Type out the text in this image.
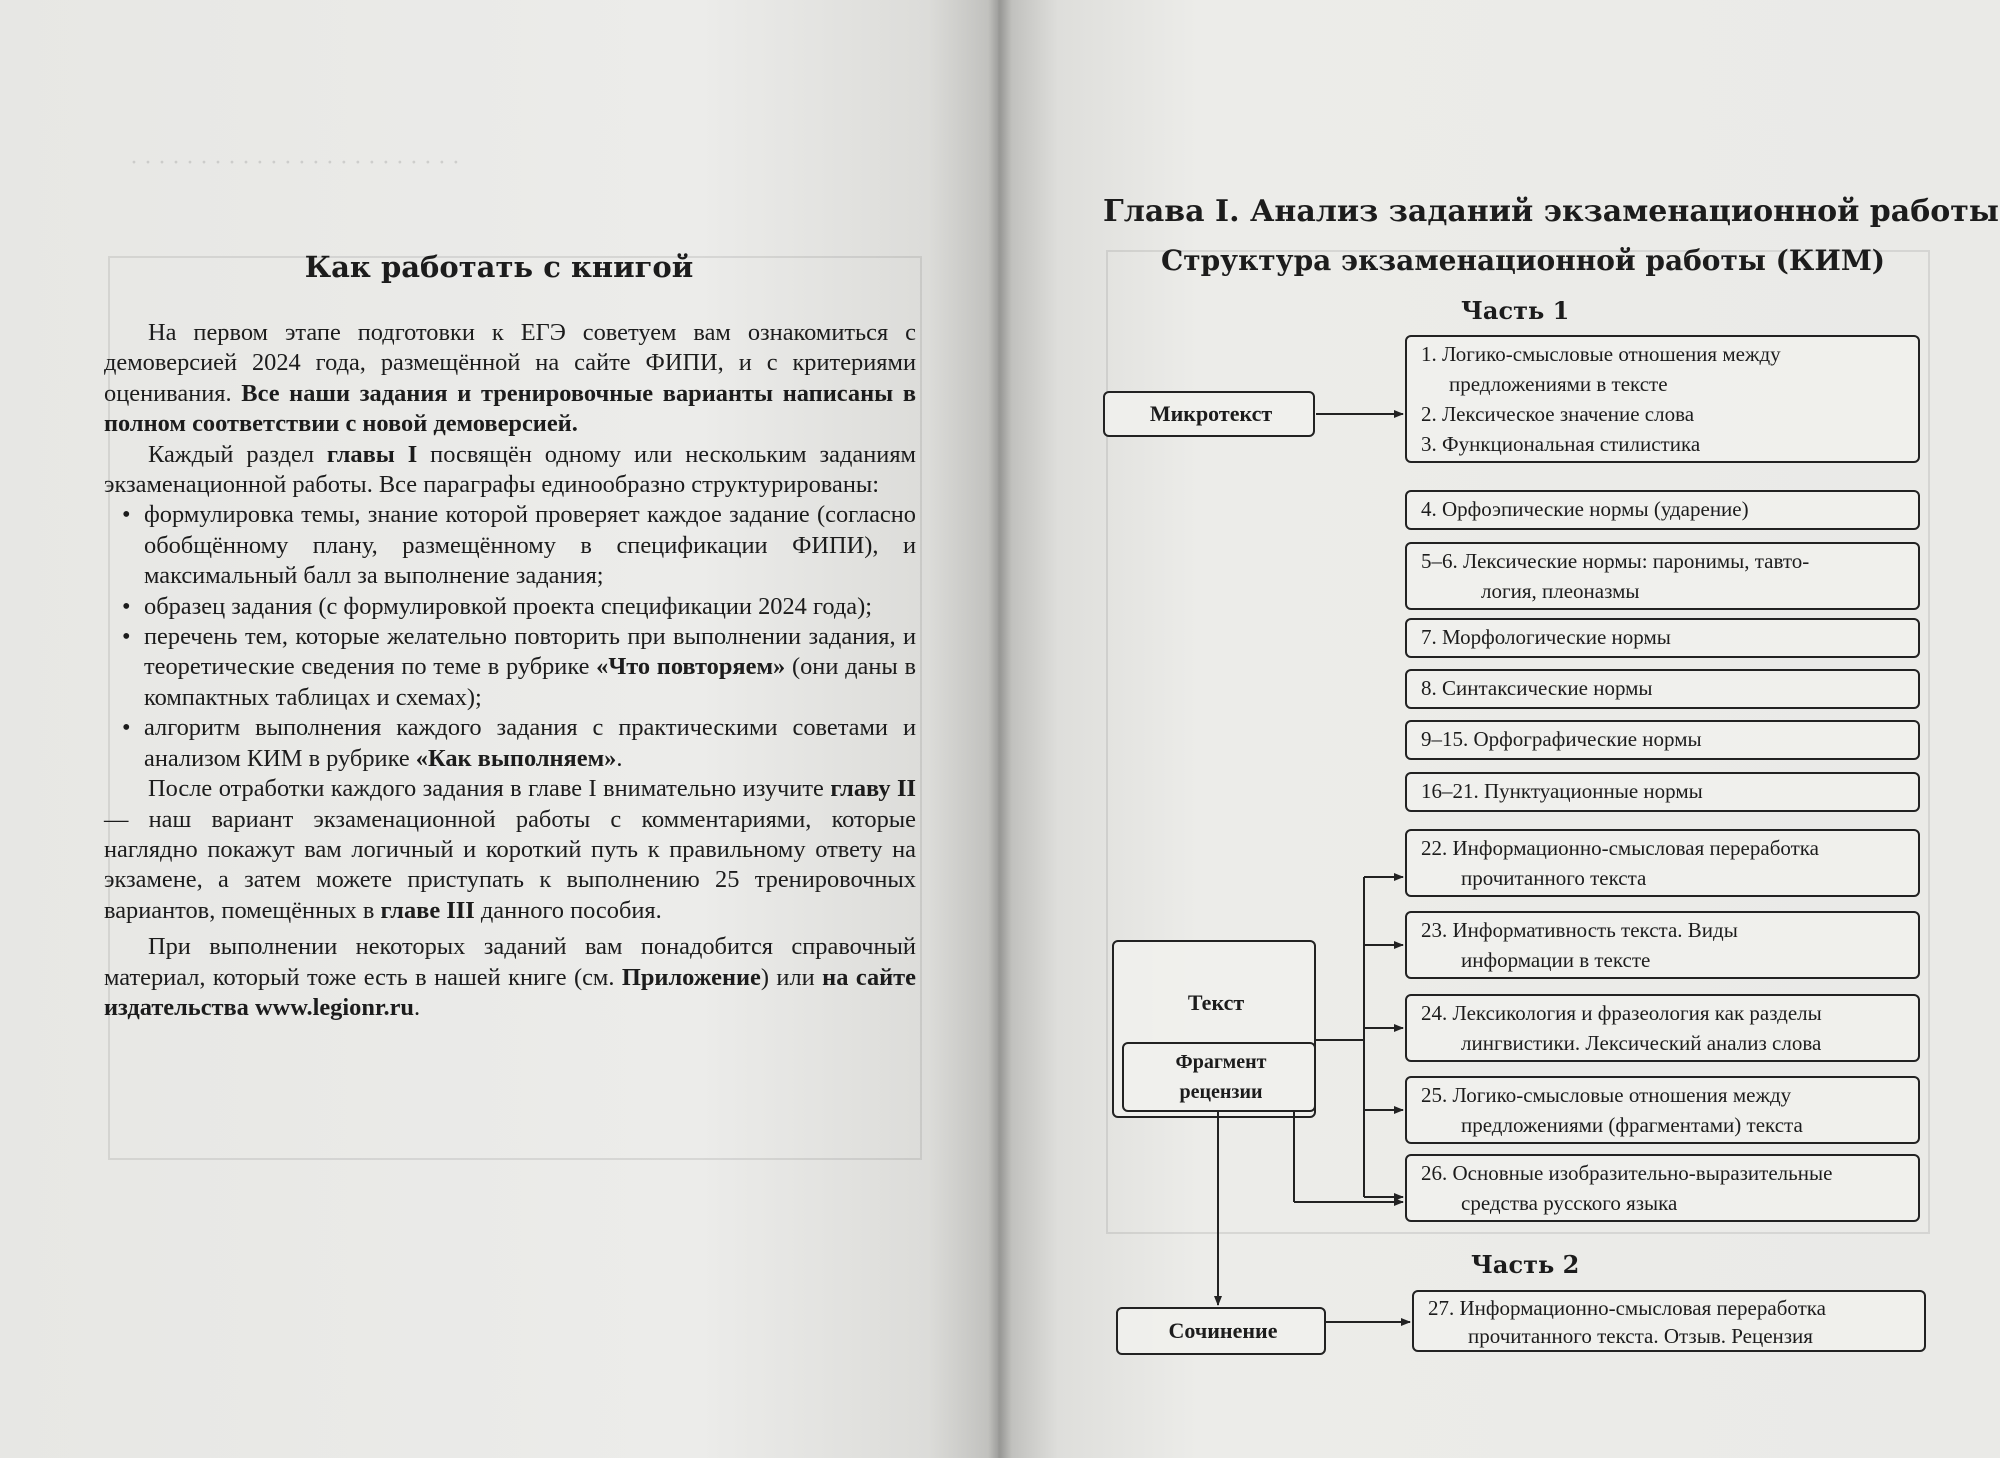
· · · · · · · · · · · · · · · · · · · · · · · ·
Как работать с книгой

На первом этапе подготовки к ЕГЭ советуем вам ознакомиться с демоверсией 2024 года, размещённой на сайте ФИПИ, и с критериями оценивания. Все наши задания и тренировочные варианты написаны в полном соответствии с новой демоверсией.

Каждый раздел главы I посвящён одному или нескольким заданиям экзаменационной работы. Все параграфы единообразно структурированы:

• формулировка темы, знание которой проверяет каждое задание (согласно обобщённому плану, размещённому в спецификации ФИПИ), и максимальный балл за выполнение задания;
• образец задания (с формулировкой проекта спецификации 2024 года);
• перечень тем, которые желательно повторить при выполнении задания, и теоретические сведения по теме в рубрике «Что повторяем» (они даны в компактных таблицах и схемах);
• алгоритм выполнения каждого задания с практическими советами и анализом КИМ в рубрике «Как выполняем».

После отработки каждого задания в главе I внимательно изучите главу II — наш вариант экзаменационной работы с комментариями, которые наглядно покажут вам логичный и короткий путь к правильному ответу на экзамене, а затем можете приступать к выполнению 25 тренировочных вариантов, помещённых в главе III данного пособия.

При выполнении некоторых заданий вам понадобится справочный материал, который тоже есть в нашей книге (см. Приложение) или на сайте издательства www.legionr.ru.

Глава I. Анализ заданий экзаменационной работы
Структура экзаменационной работы (КИМ)
Часть 1
Часть 2
Микротекст
Текст
Фрагмент
рецензии
Сочинение
1. Логико-смысловые отношения между
предложениями в тексте
2. Лексическое значение слова
3. Функциональная стилистика
4. Орфоэпические нормы (ударение)
5–6. Лексические нормы: паронимы, тавто-
логия, плеоназмы
7. Морфологические нормы
8. Синтаксические нормы
9–15. Орфографические нормы
16–21. Пунктуационные нормы
22. Информационно-смысловая переработка
прочитанного текста
23. Информативность текста. Виды
информации в тексте
24. Лексикология и фразеология как разделы
лингвистики. Лексический анализ слова
25. Логико-смысловые отношения между
предложениями (фрагментами) текста
26. Основные изобразительно-выразительные
средства русского языка
27. Информационно-смысловая переработка
прочитанного текста. Отзыв. Рецензия
